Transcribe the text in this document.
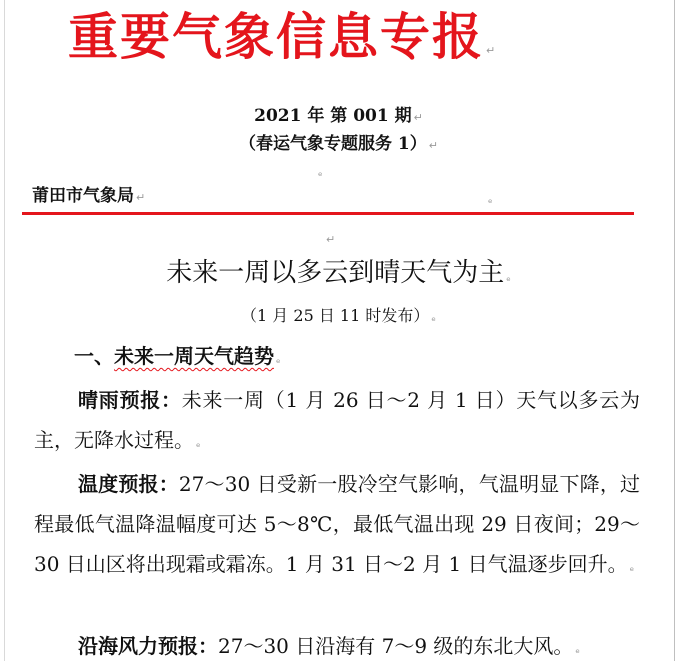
重要气象信息专报 ↵
2021 年 第 001 期 ↵
（春运气象专题服务 1） ↵
ₑ
莆田市气象局 ↵	ₑ
↵
未来一周以多云到晴天气为主 ₑ
（1 月 25 日 11 时发布） ₑ
一、未来一周天气趋势 ₑ
晴雨预报：未来一周（1 月 26 日～2 月 1 日）天气以多云为主，无降水过程。 ₑ
温度预报：27～30 日受新一股冷空气影响，气温明显下降，过程最低气温降温幅度可达 5～8℃，最低气温出现 29 日夜间；29～30 日山区将出现霜或霜冻。1 月 31 日～2 月 1 日气温逐步回升。 ₑ
沿海风力预报：27～30 日沿海有 7～9 级的东北大风。 ₑ
